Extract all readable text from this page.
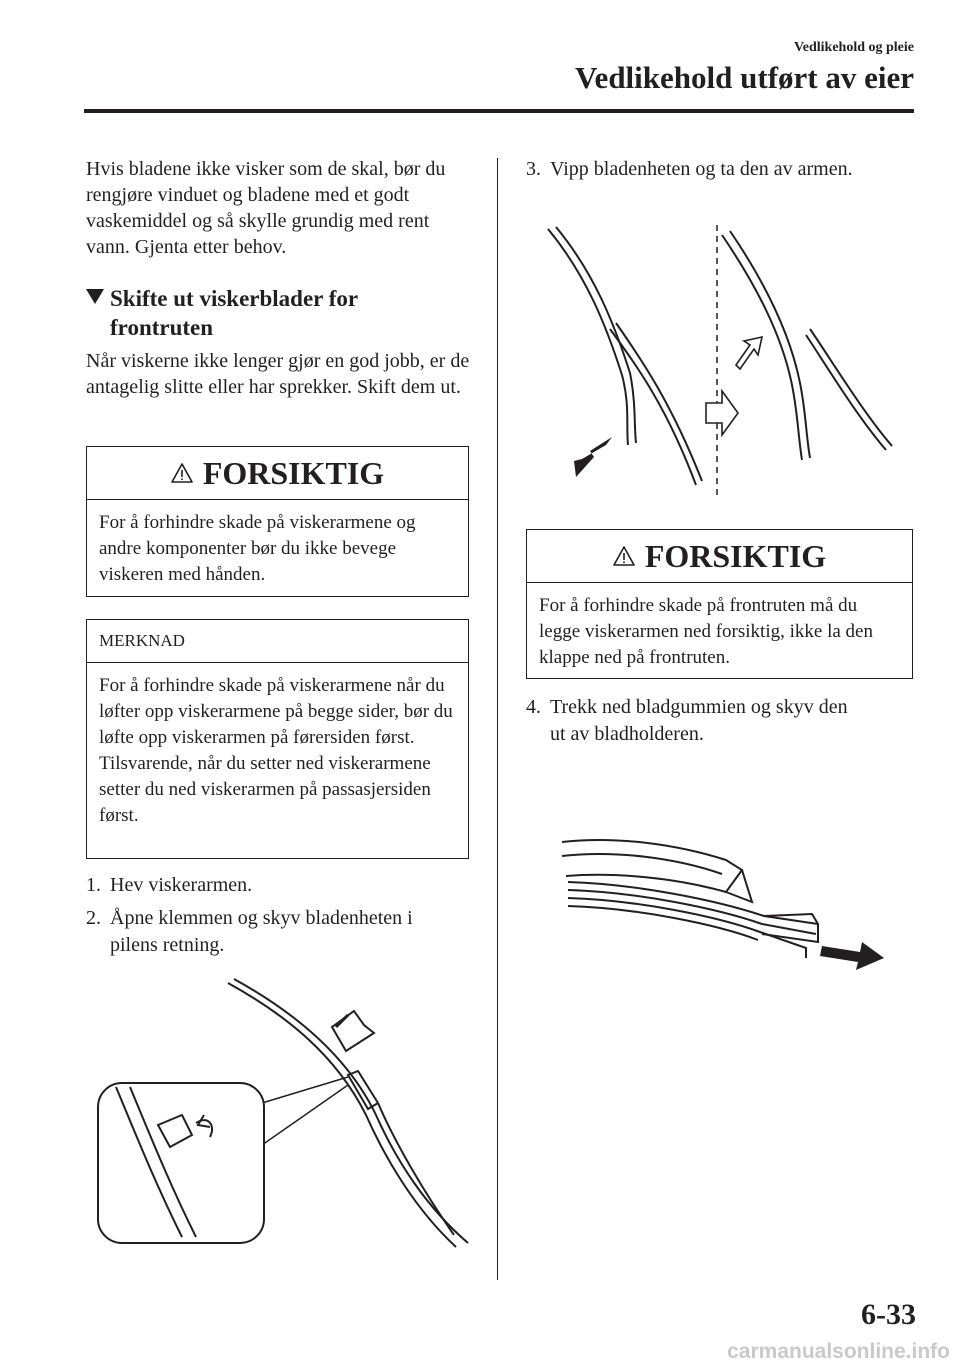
Vedlikehold og pleie
Vedlikehold utført av eier

Hvis bladene ikke visker som de skal, bør du rengjøre vinduet og bladene med et godt vaskemiddel og så skylle grundig med rent vann. Gjenta etter behov.

Skifte ut viskerblader for
frontruten

Når viskerne ikke lenger gjør en god jobb, er de antagelig slitte eller har sprekker. Skift dem ut.

FORSIKTIG
For å forhindre skade på viskerarmene og andre komponenter bør du ikke bevege viskeren med hånden.
MERKNAD
For å forhindre skade på viskerarmene når du løfter opp viskerarmene på begge sider, bør du løfte opp viskerarmen på førersiden først. Tilsvarende, når du setter ned viskerarmene setter du ned viskerarmen på passasjersiden først.
1. Hev viskerarmen.
2. Åpne klemmen og skyv bladenheten i
pilens retning.
3. Vipp bladenheten og ta den av armen.
FORSIKTIG
For å forhindre skade på frontruten må du legge viskerarmen ned forsiktig, ikke la den klappe ned på frontruten.
4. Trekk ned bladgummien og skyv den
ut av bladholderen.
6-33
carmanualsonline.info
